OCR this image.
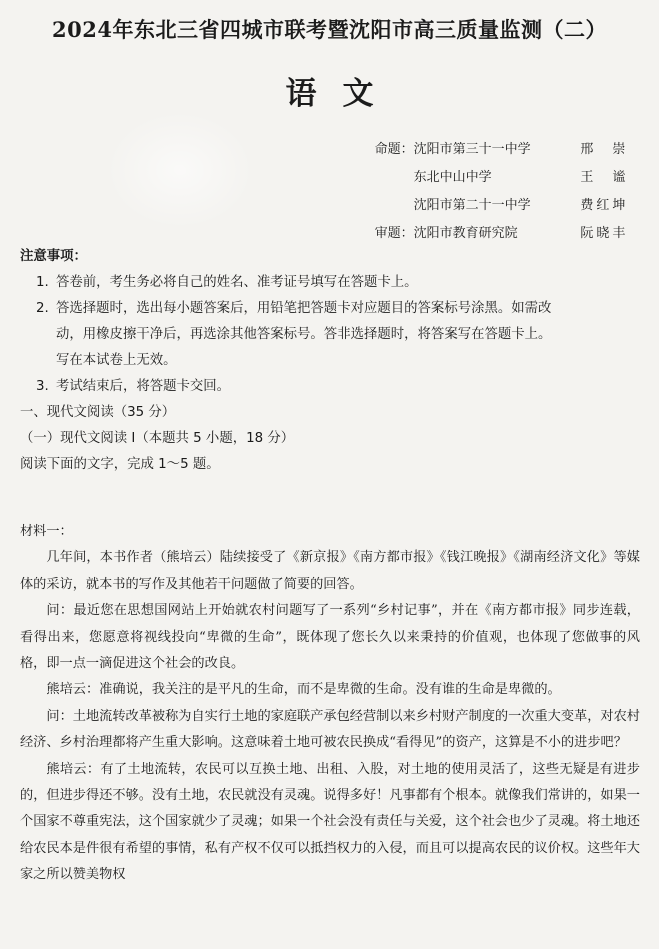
2024年东北三省四城市联考暨沈阳市高三质量监测（二）
语文
命题： 沈阳市第三十一中学	邢　崇
东北中山中学	王　谧
沈阳市第二十一中学	费红坤
审题： 沈阳市教育研究院	阮晓丰

注意事项：

1. 答卷前，考生务必将自己的姓名、准考证号填写在答题卡上。

2. 答选择题时，选出每小题答案后，用铅笔把答题卡对应题目的答案标号涂黑。如需改

动，用橡皮擦干净后，再选涂其他答案标号。答非选择题时，将答案写在答题卡上。

写在本试卷上无效。

3. 考试结束后，将答题卡交回。

一、现代文阅读（35 分）

（一）现代文阅读 I（本题共 5 小题，18 分）

阅读下面的文字，完成 1～5 题。

材料一：

几年间，本书作者（熊培云）陆续接受了《新京报》《南方都市报》《钱江晚报》《湖南经济文化》等媒体的采访，就本书的写作及其他若干问题做了简要的回答。

问：最近您在思想国网站上开始就农村问题写了一系列“乡村记事”，并在《南方都市报》同步连载，看得出来，您愿意将视线投向“卑微的生命”，既体现了您长久以来秉持的价值观，也体现了您做事的风格，即一点一滴促进这个社会的改良。

熊培云：准确说，我关注的是平凡的生命，而不是卑微的生命。没有谁的生命是卑微的。

问：土地流转改革被称为自实行土地的家庭联产承包经营制以来乡村财产制度的一次重大变革，对农村经济、乡村治理都将产生重大影响。这意味着土地可被农民换成“看得见”的资产，这算是不小的进步吧？

熊培云：有了土地流转，农民可以互换土地、出租、入股，对土地的使用灵活了，这些无疑是有进步的，但进步得还不够。没有土地，农民就没有灵魂。说得多好！凡事都有个根本。就像我们常讲的，如果一个国家不尊重宪法，这个国家就少了灵魂；如果一个社会没有责任与关爱，这个社会也少了灵魂。将土地还给农民本是件很有希望的事情，私有产权不仅可以抵挡权力的入侵，而且可以提高农民的议价权。这些年大家之所以赞美物权
